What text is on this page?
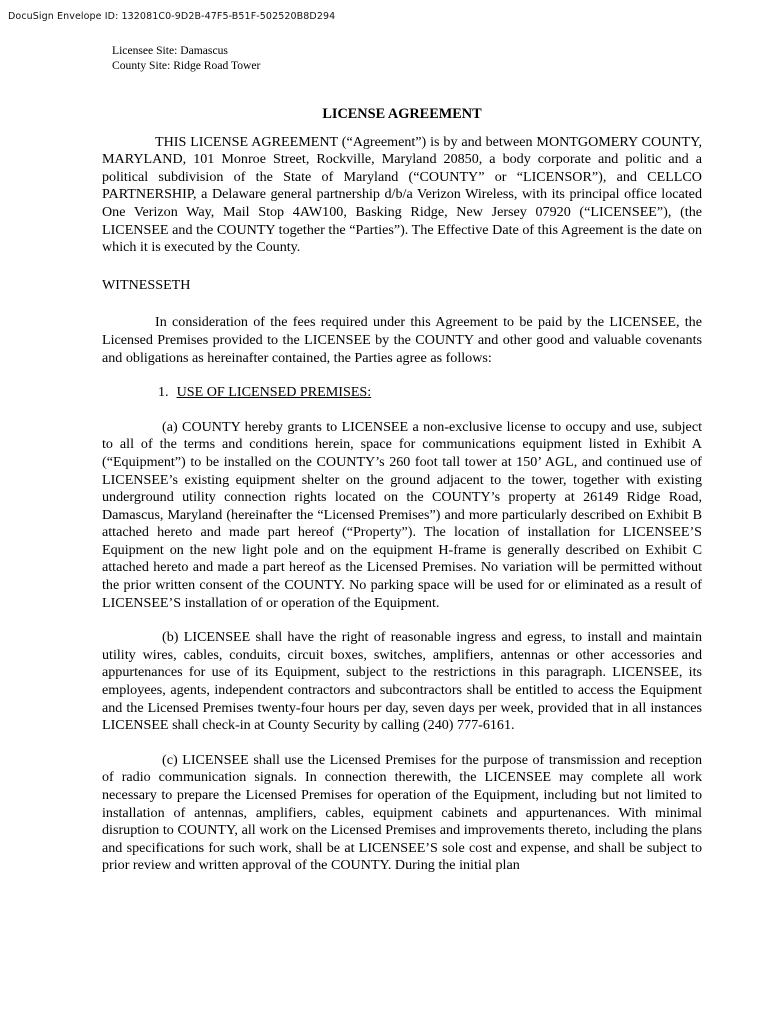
DocuSign Envelope ID: 132081C0-9D2B-47F5-B51F-502520B8D294
Licensee Site: Damascus
County Site: Ridge Road Tower
LICENSE AGREEMENT

THIS LICENSE AGREEMENT (“Agreement”) is by and between MONTGOMERY COUNTY, MARYLAND, 101 Monroe Street, Rockville, Maryland 20850, a body corporate and politic and a political subdivision of the State of Maryland (“COUNTY” or “LICENSOR”), and CELLCO PARTNERSHIP, a Delaware general partnership d/b/a Verizon Wireless, with its principal office located One Verizon Way, Mail Stop 4AW100, Basking Ridge, New Jersey 07920 (“LICENSEE”), (the LICENSEE and the COUNTY together the “Parties”). The Effective Date of this Agreement is the date on which it is executed by the County.

WITNESSETH

In consideration of the fees required under this Agreement to be paid by the LICENSEE, the Licensed Premises provided to the LICENSEE by the COUNTY and other good and valuable covenants and obligations as hereinafter contained, the Parties agree as follows:

1. USE OF LICENSED PREMISES:

(a) COUNTY hereby grants to LICENSEE a non-exclusive license to occupy and use, subject to all of the terms and conditions herein, space for communications equipment listed in Exhibit A (“Equipment”) to be installed on the COUNTY’s 260 foot tall tower at 150’ AGL, and continued use of LICENSEE’s existing equipment shelter on the ground adjacent to the tower, together with existing underground utility connection rights located on the COUNTY’s property at 26149 Ridge Road, Damascus, Maryland (hereinafter the “Licensed Premises”) and more particularly described on Exhibit B attached hereto and made part hereof (“Property”). The location of installation for LICENSEE’S Equipment on the new light pole and on the equipment H-frame is generally described on Exhibit C attached hereto and made a part hereof as the Licensed Premises. No variation will be permitted without the prior written consent of the COUNTY. No parking space will be used for or eliminated as a result of LICENSEE’S installation of or operation of the Equipment.

(b) LICENSEE shall have the right of reasonable ingress and egress, to install and maintain utility wires, cables, conduits, circuit boxes, switches, amplifiers, antennas or other accessories and appurtenances for use of its Equipment, subject to the restrictions in this paragraph. LICENSEE, its employees, agents, independent contractors and subcontractors shall be entitled to access the Equipment and the Licensed Premises twenty-four hours per day, seven days per week, provided that in all instances LICENSEE shall check-in at County Security by calling (240) 777-6161.

(c) LICENSEE shall use the Licensed Premises for the purpose of transmission and reception of radio communication signals. In connection therewith, the LICENSEE may complete all work necessary to prepare the Licensed Premises for operation of the Equipment, including but not limited to installation of antennas, amplifiers, cables, equipment cabinets and appurtenances. With minimal disruption to COUNTY, all work on the Licensed Premises and improvements thereto, including the plans and specifications for such work, shall be at LICENSEE’S sole cost and expense, and shall be subject to prior review and written approval of the COUNTY. During the initial plan
